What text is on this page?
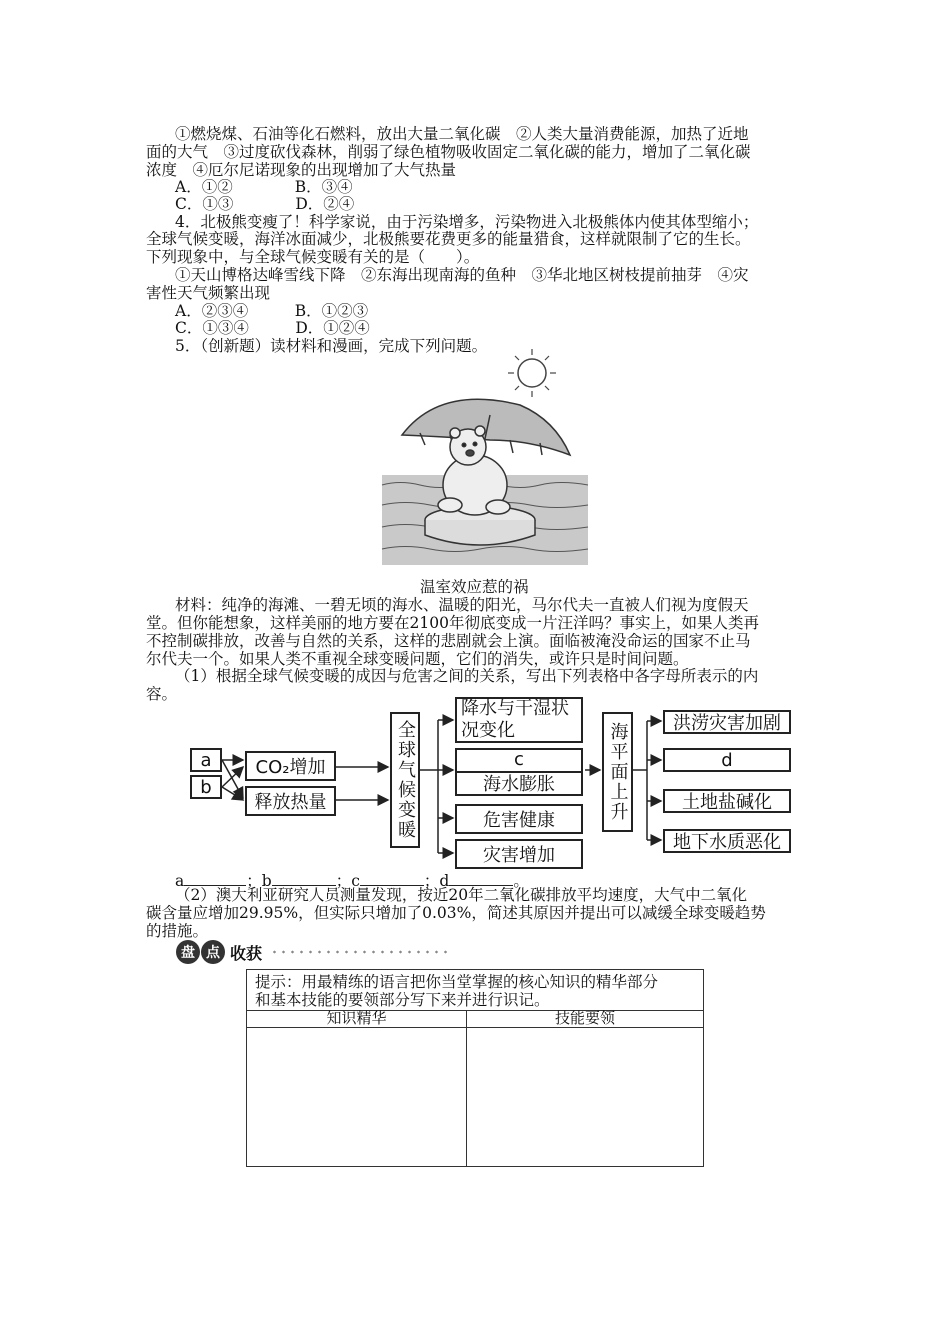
①燃烧煤、石油等化石燃料，放出大量二氧化碳　②人类大量消费能源，加热了近地
面的大气　③过度砍伐森林，削弱了绿色植物吸收固定二氧化碳的能力，增加了二氧化碳
浓度　④厄尔尼诺现象的出现增加了大气热量
A．①②　　　　B．③④
C．①③　　　　D．②④
4．北极熊变瘦了！科学家说，由于污染增多，污染物进入北极熊体内使其体型缩小；
全球气候变暖，海洋冰面减少，北极熊要花费更多的能量猎食，这样就限制了它的生长。
下列现象中，与全球气候变暖有关的是（　　）。
①天山博格达峰雪线下降　②东海出现南海的鱼种　③华北地区树枝提前抽芽　④灾
害性天气频繁出现
A．②③④　　　B．①②③
C．①③④　　　D．①②④
5．（创新题）读材料和漫画，完成下列问题。
温室效应惹的祸
材料：纯净的海滩、一碧无顷的海水、温暖的阳光，马尔代夫一直被人们视为度假天
堂。但你能想象，这样美丽的地方要在2100年彻底变成一片汪洋吗？事实上，如果人类再
不控制碳排放，改善与自然的关系，这样的悲剧就会上演。面临被淹没命运的国家不止马
尔代夫一个。如果人类不重视全球变暖问题，它们的消失，或许只是时间问题。
（1）根据全球气候变暖的成因与危害之间的关系，写出下列表格中各字母所表示的内
容。
a
b
CO₂增加
释放热量	全球气候变暖
降水与干湿状况变化
c
海水膨胀
危害健康
灾害增加
海平面上升	洪涝灾害加剧
d
土地盐碱化
地下水质恶化
a	；b	；c	；d	。
（2）澳大利亚研究人员测量发现，按近20年二氧化碳排放平均速度，大气中二氧化
碳含量应增加29.95%，但实际只增加了0.03%，简述其原因并提出可以减缓全球变暖趋势
的措施。
盘 点 收获
提示：用最精练的语言把你当堂掌握的核心知识的精华部分
和基本技能的要领部分写下来并进行识记。
知识精华	技能要领
